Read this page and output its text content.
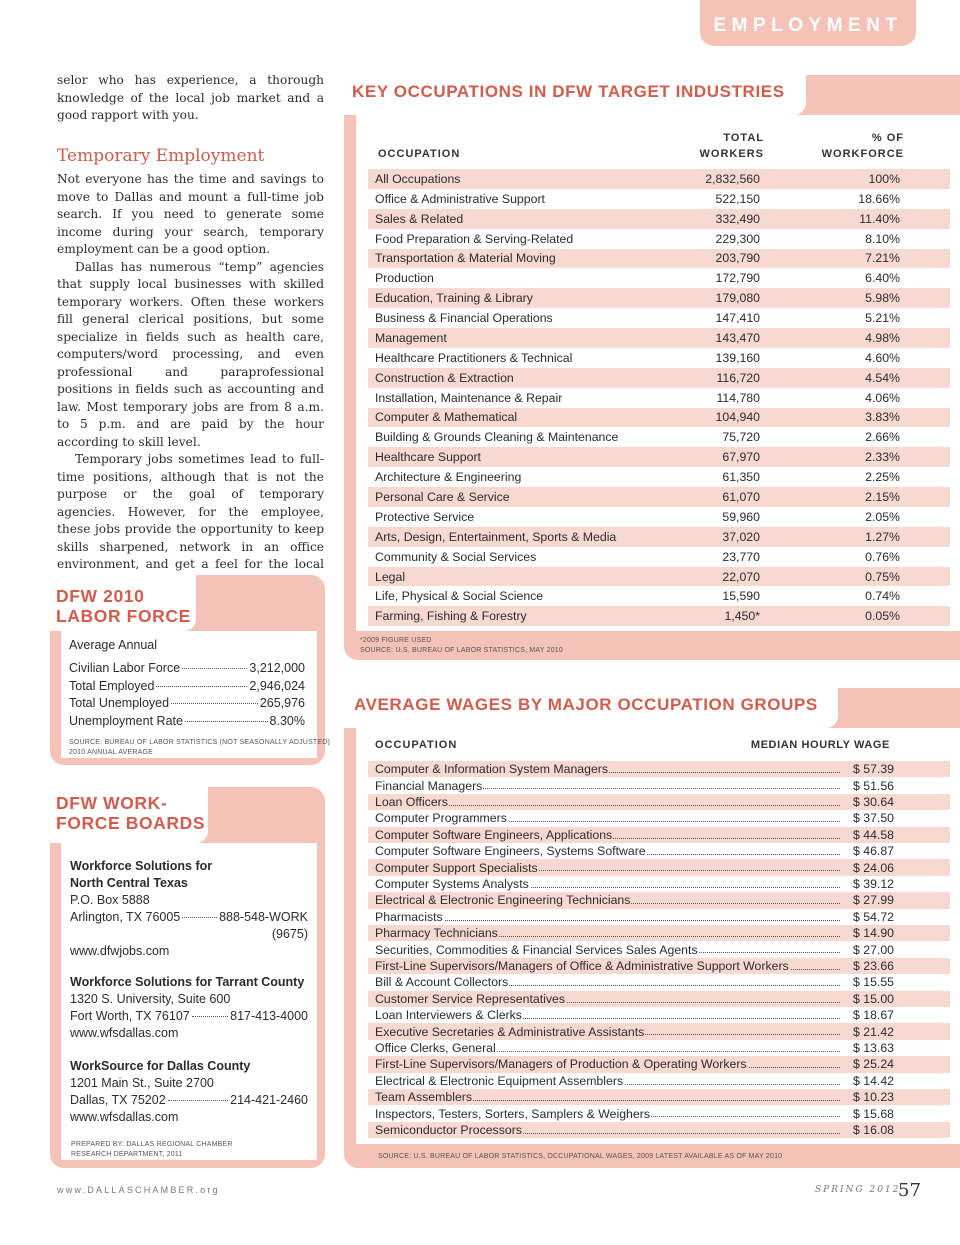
EMPLOYMENT

selor who has experience, a thorough knowledge of the local job market and a good rapport with you.

Temporary Employment

Not everyone has the time and savings to move to Dallas and mount a full-time job search. If you need to generate some income during your search, temporary employment can be a good option.

Dallas has numerous “temp” agencies that supply local businesses with skilled temporary workers. Often these workers fill general clerical positions, but some specialize in fields such as health care, computers/word processing, and even professional and paraprofessional positions in fields such as accounting and law. Most temporary jobs are from 8 a.m. to 5 p.m. and are paid by the hour according to skill level.

Temporary jobs sometimes lead to full-time positions, although that is not the purpose or the goal of temporary agencies. However, for the employee, these jobs provide the opportunity to keep skills sharpened, network in an office environment, and get a feel for the local

DFW 2010
LABOR FORCE
Average Annual
Civilian Labor Force	3,212,000
Total Employed	2,946,024
Total Unemployed	265,976
Unemployment Rate	8.30%
SOURCE: BUREAU OF LABOR STATISTICS (NOT SEASONALLY ADJUSTED)
2010 ANNUAL AVERAGE
DFW WORK-
FORCE BOARDS
Workforce Solutions for
North Central Texas
P.O. Box 5888
Arlington, TX 76005	888-548-WORK
(9675)
www.dfwjobs.com
Workforce Solutions for Tarrant County
1320 S. University, Suite 600
Fort Worth, TX 76107	817-413-4000
www.wfsdallas.com
WorkSource for Dallas County
1201 Main St., Suite 2700
Dallas, TX 75202	214-421-2460
www.wfsdallas.com
PREPARED BY: DALLAS REGIONAL CHAMBER
RESEARCH DEPARTMENT, 2011
KEY OCCUPATIONS IN DFW TARGET INDUSTRIES
OCCUPATION
TOTAL
WORKERS
% OF
WORKFORCE
All Occupations	2,832,560	100%
Office & Administrative Support	522,150	18.66%
Sales & Related	332,490	11.40%
Food Preparation & Serving-Related	229,300	8.10%
Transportation & Material Moving	203,790	7.21%
Production	172,790	6.40%
Education, Training & Library	179,080	5.98%
Business & Financial Operations	147,410	5.21%
Management	143,470	4.98%
Healthcare Practitioners & Technical	139,160	4.60%
Construction & Extraction	116,720	4.54%
Installation, Maintenance & Repair	114,780	4.06%
Computer & Mathematical	104,940	3.83%
Building & Grounds Cleaning & Maintenance	75,720	2.66%
Healthcare Support	67,970	2.33%
Architecture & Engineering	61,350	2.25%
Personal Care & Service	61,070	2.15%
Protective Service	59,960	2.05%
Arts, Design, Entertainment, Sports & Media	37,020	1.27%
Community & Social Services	23,770	0.76%
Legal	22,070	0.75%
Life, Physical & Social Science	15,590	0.74%
Farming, Fishing & Forestry	1,450*	0.05%
*2009 FIGURE USED
SOURCE: U.S. BUREAU OF LABOR STATISTICS, MAY 2010
AVERAGE WAGES BY MAJOR OCCUPATION GROUPS
OCCUPATION	MEDIAN HOURLY WAGE
Computer & Information System Managers	$ 57.39
Financial Managers	$ 51.56
Loan Officers	$ 30.64
Computer Programmers	$ 37.50
Computer Software Engineers, Applications	$ 44.58
Computer Software Engineers, Systems Software	$ 46.87
Computer Support Specialists	$ 24.06
Computer Systems Analysts	$ 39.12
Electrical & Electronic Engineering Technicians	$ 27.99
Pharmacists	$ 54.72
Pharmacy Technicians	$ 14.90
Securities, Commodities & Financial Services Sales Agents	$ 27.00
First-Line Supervisors/Managers of Office & Administrative Support Workers	$ 23.66
Bill & Account Collectors	$ 15.55
Customer Service Representatives	$ 15.00
Loan Interviewers & Clerks	$ 18.67
Executive Secretaries & Administrative Assistants	$ 21.42
Office Clerks, General	$ 13.63
First-Line Supervisors/Managers of Production & Operating Workers	$ 25.24
Electrical & Electronic Equipment Assemblers	$ 14.42
Team Assemblers	$ 10.23
Inspectors, Testers, Sorters, Samplers & Weighers	$ 15.68
Semiconductor Processors	$ 16.08
SOURCE: U.S. BUREAU OF LABOR STATISTICS, OCCUPATIONAL WAGES, 2009 LATEST AVAILABLE AS OF MAY 2010
www.DALLASCHAMBER.org	SPRING 2012
57
